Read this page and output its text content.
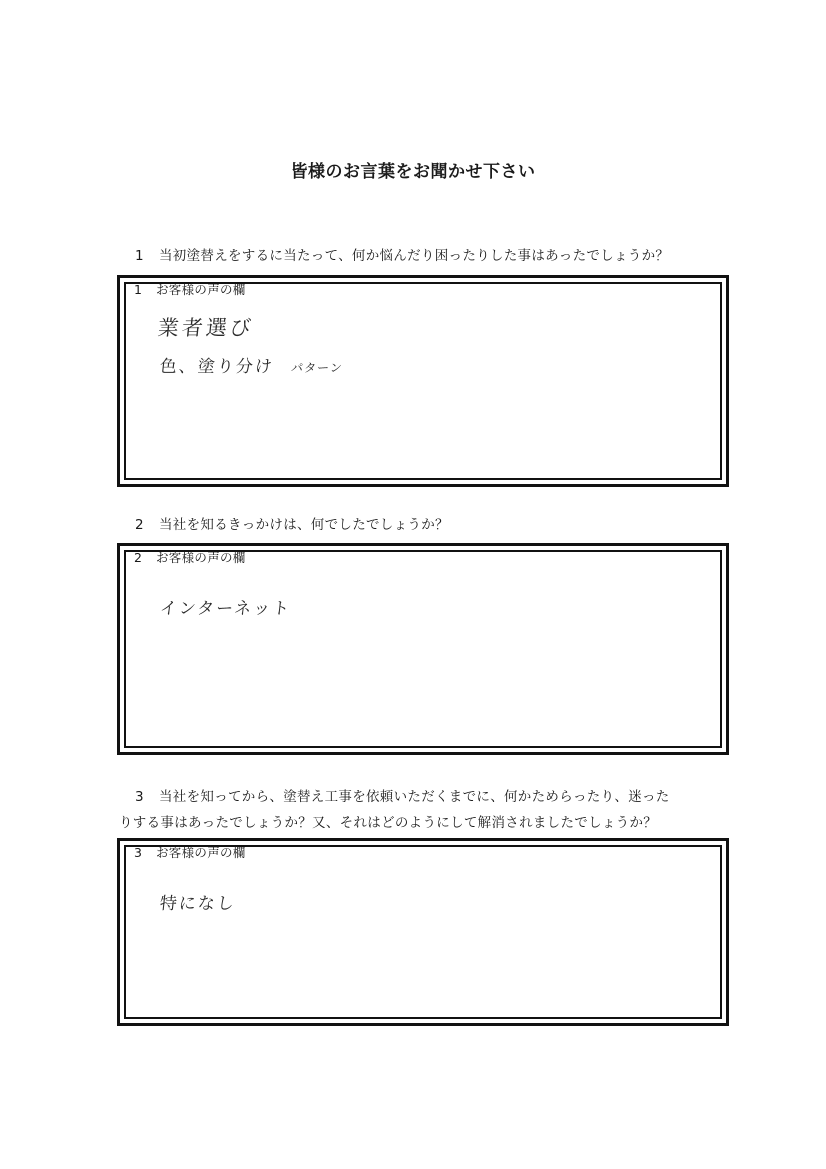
皆様のお言葉をお聞かせ下さい
1 当初塗替えをするに当たって、何か悩んだり困ったりした事はあったでしょうか？
1 お客様の声の欄
業者選び
色、塗り分け パターン
2 当社を知るきっかけは、何でしたでしょうか？
2 お客様の声の欄
インターネット
3 当社を知ってから、塗替え工事を依頼いただくまでに、何かためらったり、迷った
りする事はあったでしょうか？又、それはどのようにして解消されましたでしょうか？
3 お客様の声の欄
特になし
